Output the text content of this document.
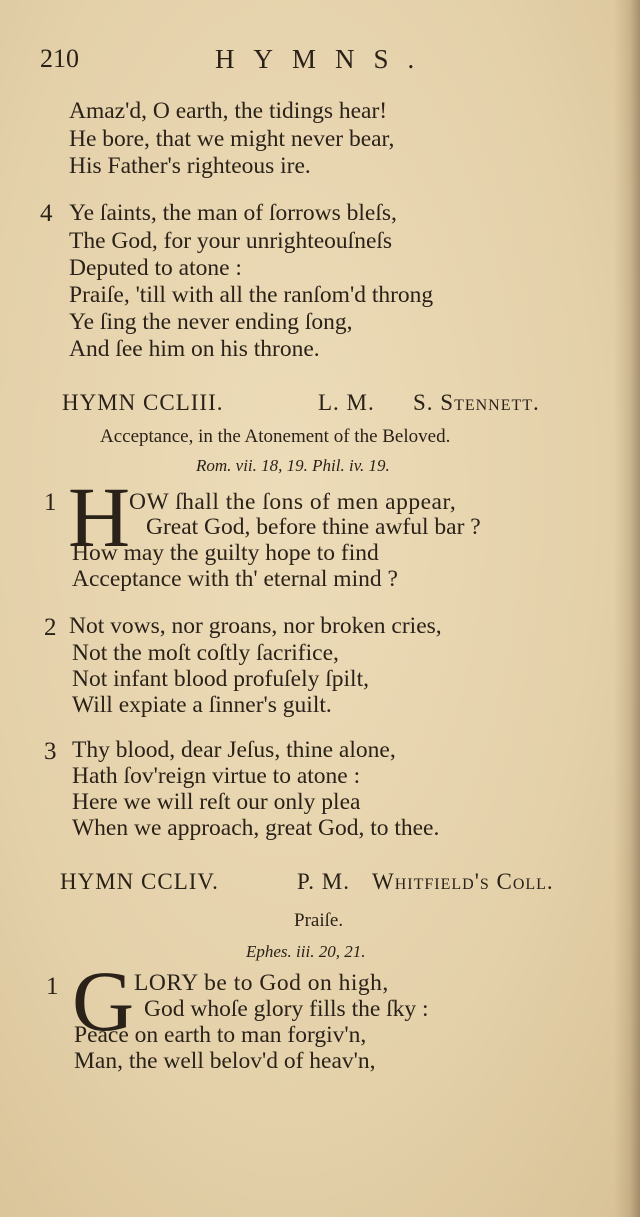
210	HYMNS.
Amaz'd, O earth, the tidings hear!
He bore, that we might never bear,
His Father's righteous ire.
4 Ye ſaints, the man of ſorrows bleſs,
The God, for your unrighteouſneſs
Deputed to atone :
Praiſe, 'till with all the ranſom'd throng
Ye ſing the never ending ſong,
And ſee him on his throne.
HYMN CCLIII.	L. M. S. Stennett.
Acceptance, in the Atonement of the Beloved.
Rom. vii. 18, 19. Phil. iv. 19.
1 H
OW ſhall the ſons of men appear,
Great God, before thine awful bar ?
How may the guilty hope to find
Acceptance with th' eternal mind ?
2 Not vows, nor groans, nor broken cries,
Not the moſt coſtly ſacrifice,
Not infant blood profuſely ſpilt,
Will expiate a ſinner's guilt.
3 Thy blood, dear Jeſus, thine alone,
Hath ſov'reign virtue to atone :
Here we will reſt our only plea
When we approach, great God, to thee.
HYMN CCLIV.	P. M. Whitfield's Coll.
Praiſe.
Ephes. iii. 20, 21.
1 G LORY be to God on high,
God whoſe glory fills the ſky :
Peace on earth to man forgiv'n,
Man, the well belov'd of heav'n,
